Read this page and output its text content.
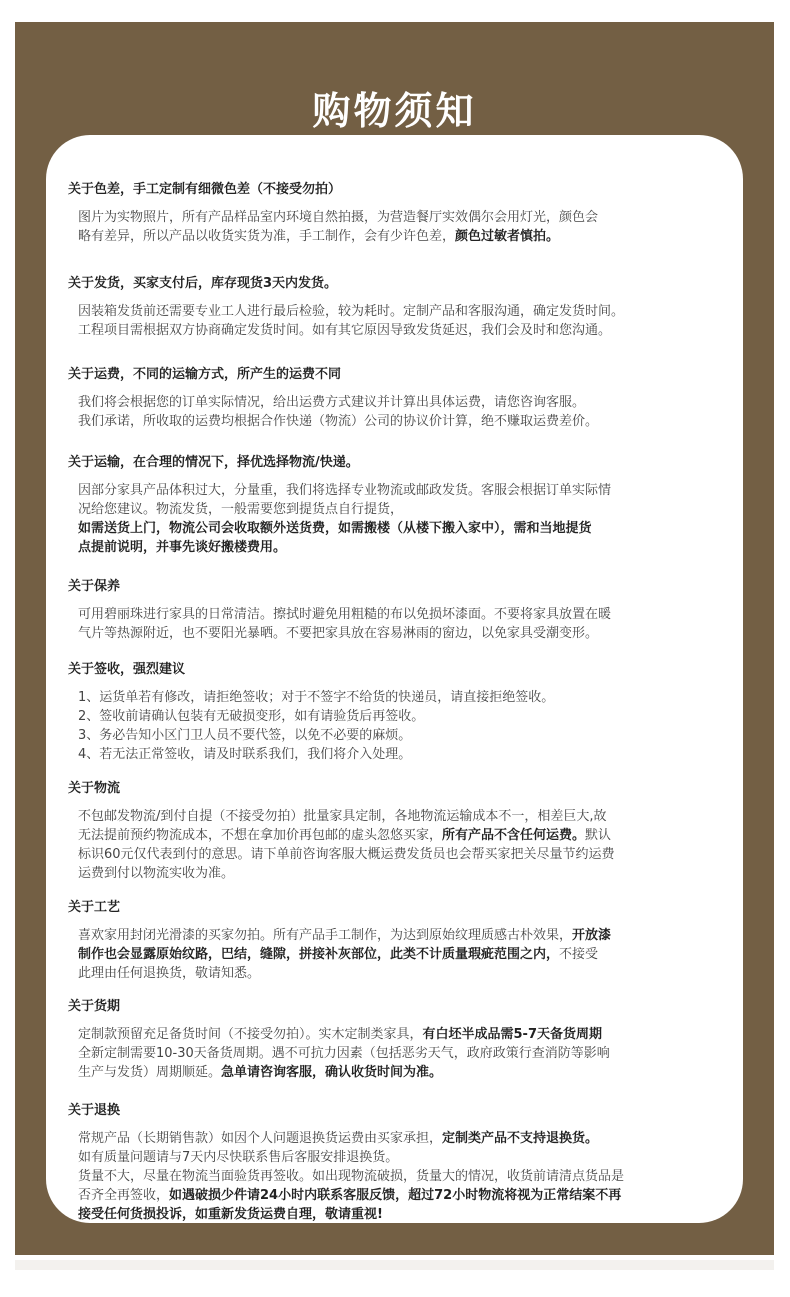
购物须知
关于色差，手工定制有细微色差（不接受勿拍）
图片为实物照片，所有产品样品室内环境自然拍摄，为营造餐厅实效偶尔会用灯光，颜色会
略有差异，所以产品以收货实货为准，手工制作，会有少许色差，颜色过敏者慎拍。
关于发货，买家支付后，库存现货3天内发货。
因装箱发货前还需要专业工人进行最后检验，较为耗时。定制产品和客服沟通，确定发货时间。
工程项目需根据双方协商确定发货时间。如有其它原因导致发货延迟，我们会及时和您沟通。
关于运费，不同的运输方式，所产生的运费不同
我们将会根据您的订单实际情况，给出运费方式建议并计算出具体运费，请您咨询客服。
我们承诺，所收取的运费均根据合作快递（物流）公司的协议价计算，绝不赚取运费差价。
关于运输，在合理的情况下，择优选择物流/快递。
因部分家具产品体积过大，分量重，我们将选择专业物流或邮政发货。客服会根据订单实际情
况给您建议。物流发货，一般需要您到提货点自行提货，
如需送货上门，物流公司会收取额外送货费，如需搬楼（从楼下搬入家中），需和当地提货
点提前说明，并事先谈好搬楼费用。
关于保养
可用碧丽珠进行家具的日常清洁。擦拭时避免用粗糙的布以免损坏漆面。不要将家具放置在暖
气片等热源附近，也不要阳光暴晒。不要把家具放在容易淋雨的窗边，以免家具受潮变形。
关于签收，强烈建议
1、运货单若有修改，请拒绝签收；对于不签字不给货的快递员，请直接拒绝签收。
2、签收前请确认包装有无破损变形，如有请验货后再签收。
3、务必告知小区门卫人员不要代签，以免不必要的麻烦。
4、若无法正常签收，请及时联系我们，我们将介入处理。
关于物流
不包邮发物流/到付自提（不接受勿拍）批量家具定制，各地物流运输成本不一，相差巨大,故
无法提前预约物流成本，不想在拿加价再包邮的虚头忽悠买家，所有产品不含任何运费。默认
标识60元仅代表到付的意思。请下单前咨询客服大概运费发货员也会帮买家把关尽量节约运费
运费到付以物流实收为准。
关于工艺
喜欢家用封闭光滑漆的买家勿拍。所有产品手工制作，为达到原始纹理质感古朴效果，开放漆
制作也会显露原始纹路，巴结，缝隙，拼接补灰部位，此类不计质量瑕疵范围之内，不接受
此理由任何退换货，敬请知悉。
关于货期
定制款预留充足备货时间（不接受勿拍）。实木定制类家具，有白坯半成品需5-7天备货周期
全新定制需要10-30天备货周期。遇不可抗力因素（包括恶劣天气，政府政策行查消防等影响
生产与发货）周期顺延。急单请咨询客服，确认收货时间为准。
关于退换
常规产品（长期销售款）如因个人问题退换货运费由买家承担，定制类产品不支持退换货。
如有质量问题请与7天内尽快联系售后客服安排退换货。
货量不大，尽量在物流当面验货再签收。如出现物流破损，货量大的情况，收货前请清点货品是
否齐全再签收，如遇破损少件请24小时内联系客服反馈，超过72小时物流将视为正常结案不再
接受任何货损投诉，如重新发货运费自理，敬请重视!
